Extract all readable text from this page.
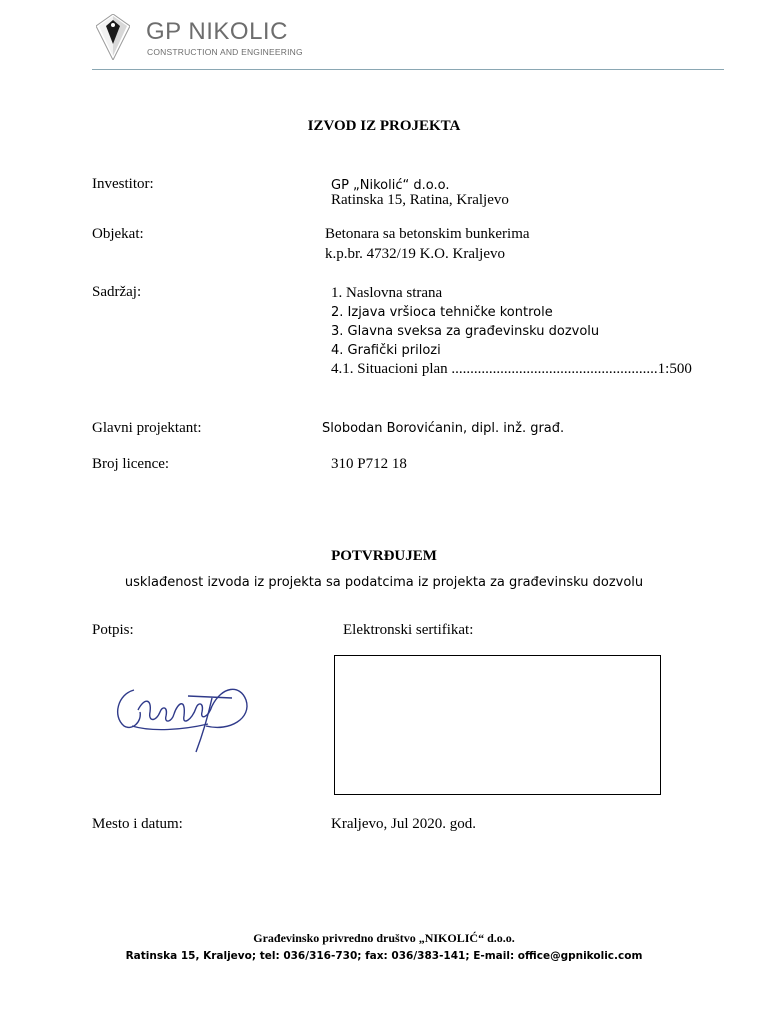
GP NIKOLIC
CONSTRUCTION AND ENGINEERING
IZVOD IZ PROJEKTA
Investitor:	GP „Nikolić“ d.o.o.
Ratinska 15, Ratina, Kraljevo
Objekat:	Betonara sa betonskim bunkerima
k.p.br. 4732/19 K.O. Kraljevo
Sadržaj:	1. Naslovna strana
2. Izjava vršioca tehničke kontrole
3. Glavna sveksa za građevinsku dozvolu
4. Grafički prilozi
4.1. Situacioni plan .......................................................1:500
Glavni projektant:	Slobodan Borovićanin, dipl. inž. građ.
Broj licence:	310 P712 18
POTVRĐUJEM
usklađenost izvoda iz projekta sa podatcima iz projekta za građevinsku dozvolu
Potpis:	Elektronski sertifikat:
Mesto i datum:	Kraljevo, Jul 2020. god.
Građevinsko privredno društvo „NIKOLIĆ“ d.o.o.
Ratinska 15, Kraljevo; tel: 036/316-730; fax: 036/383-141; E-mail: office@gpnikolic.com
